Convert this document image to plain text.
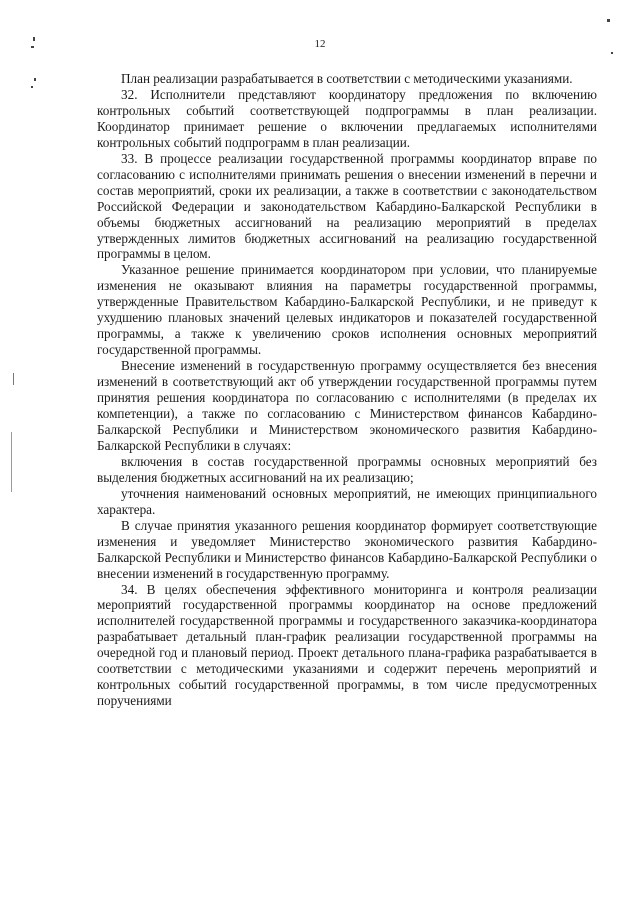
12

План реализации разрабатывается в соответствии с методическими указаниями.

32. Исполнители представляют координатору предложения по включению контрольных событий соответствующей подпрограммы в план реализации. Координатор принимает решение о включении предлагаемых исполнителями контрольных событий подпрограмм в план реализации.

33. В процессе реализации государственной программы координатор вправе по согласованию с исполнителями принимать решения о внесении изменений в перечни и состав мероприятий, сроки их реализации, а также в соответствии с законодательством Российской Федерации и законодательством Кабардино-Балкарской Республики в объемы бюджетных ассигнований на реализацию мероприятий в пределах утвержденных лимитов бюджетных ассигнований на реализацию государственной программы в целом.

Указанное решение принимается координатором при условии, что планируемые изменения не оказывают влияния на параметры государственной программы, утвержденные Правительством Кабардино-Балкарской Республики, и не приведут к ухудшению плановых значений целевых индикаторов и показателей государственной программы, а также к увеличению сроков исполнения основных мероприятий государственной программы.

Внесение изменений в государственную программу осуществляется без внесения изменений в соответствующий акт об утверждении государственной программы путем принятия решения координатора по согласованию с исполнителями (в пределах их компетенции), а также по согласованию с Министерством финансов Кабардино-Балкарской Республики и Министерством экономического развития Кабардино-Балкарской Республики в случаях:

включения в состав государственной программы основных мероприятий без выделения бюджетных ассигнований на их реализацию;

уточнения наименований основных мероприятий, не имеющих принципиального характера.

В случае принятия указанного решения координатор формирует соответствующие изменения и уведомляет Министерство экономического развития Кабардино-Балкарской Республики и Министерство финансов Кабардино-Балкарской Республики о внесении изменений в государственную программу.

34. В целях обеспечения эффективного мониторинга и контроля реализации мероприятий государственной программы координатор на основе предложений исполнителей государственной программы и государственного заказчика-координатора разрабатывает детальный план-график реализации государственной программы на очередной год и плановый период. Проект детального плана-графика разрабатывается в соответствии с методическими указаниями и содержит перечень мероприятий и контрольных событий государственной программы, в том числе предусмотренных поручениями
